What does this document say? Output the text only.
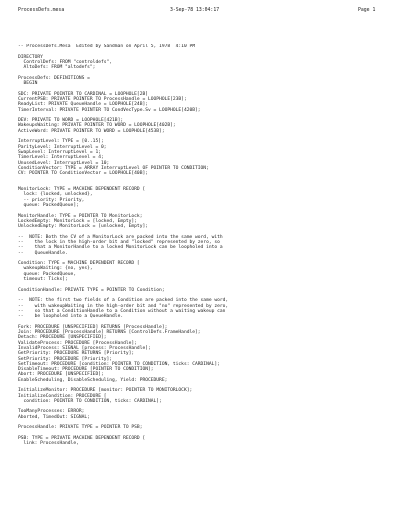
ProcessDefs.mesa	3-Sep-78 13:04:17	Page 1
-- ProcessDefs.Mesa  Edited by Sandman on April 5, 1978  4:10 PM
DIRECTORY
ControlDefs: FROM "controldefs",
AltoDefs: FROM "altodefs";
ProcessDefs: DEFINITIONS =
BEGIN
SDC: PRIVATE POINTER TO CARDINAL = LOOPHOLE[2B]
CurrentPSB: PRIVATE POINTER TO ProcessHandle = LOOPHOLE[23B];
ReadyList: PRIVATE QueueHandle = LOOPHOLE[24B];
TimerInterval: PRIVATE POINTER TO CondVecType.Sv = LOOPHOLE[420B];
DEV: PRIVATE TO WORD = LOOPHOLE[421B];
WakeupsWaiting: PRIVATE POINTER TO WORD = LOOPHOLE[402B];
ActiveWord: PRIVATE POINTER TO WORD = LOOPHOLE[453B];
InterruptLevel: TYPE = [0..15];
ParityLevel: InterruptLevel = 0;
SwapLevel: InterruptLevel = 1;
TimerLevel: InterruptLevel = 4;
UnusedLevel: InterruptLevel = 10;
ConditionVector: TYPE = ARRAY InterruptLevel OF POINTER TO CONDITION;
CV: POINTER TO ConditionVector = LOOPHOLE[40B];
MonitorLock: TYPE = MACHINE DEPENDENT RECORD [
lock: {locked, unlocked},
-- priority: Priority,
queue: PackedQueue];
MonitorHandle: TYPE = POINTER TO MonitorLock;
LockedEmpty: MonitorLock = [locked, Empty];
UnlockedEmpty: MonitorLock = [unlocked, Empty];
--  NOTE: Both the CV of a MonitorLock are packed into the same word, with
--    the lock in the high-order bit and "locked" represented by zero, so
--    that a MonitorHandle to a locked MonitorLock can be loopholed into a
--    QueueHandle.
Condition: TYPE = MACHINE DEPENDENT RECORD [
wakeupWaiting: {no, yes},
queue: PackedQueue,
timeout: Ticks];
ConditionHandle: PRIVATE TYPE = POINTER TO Condition;
--  NOTE: the first two fields of a Condition are packed into the same word,
--    with wakeupWaiting in the high-order bit and "no" represented by zero,
--    so that a ConditionHandle to a Condition without a waiting wakeup can
--    be loopholed into a QueueHandle.
Fork: PROCEDURE [UNSPECIFIED] RETURNS [ProcessHandle];
Join: PROCEDURE [ProcessHandle] RETURNS [ControlDefs.FrameHandle];
Detach: PROCEDURE [UNSPECIFIED];
ValidateProcess: PROCEDURE [ProcessHandle];
InvalidProcess: SIGNAL [process: ProcessHandle];
GetPriority: PROCEDURE RETURNS [Priority];
SetPriority: PROCEDURE [Priority];
SetTimeout: PROCEDURE [condition: POINTER TO CONDITION, ticks: CARDINAL];
DisableTimeout: PROCEDURE [POINTER TO CONDITION];
Abort: PROCEDURE [UNSPECIFIED];
EnableScheduling, DisableScheduling, Yield: PROCEDURE;
InitializeMonitor: PROCEDURE [monitor: POINTER TO MONITORLOCK];
InitializeCondition: PROCEDURE [
condition: POINTER TO CONDITION, ticks: CARDINAL];
TooManyProcesses: ERROR;
Aborted, TimedOut: SIGNAL;
ProcessHandle: PRIVATE TYPE = POINTER TO PSB;
PSB: TYPE = PRIVATE MACHINE DEPENDENT RECORD [
link: ProcessHandle,
